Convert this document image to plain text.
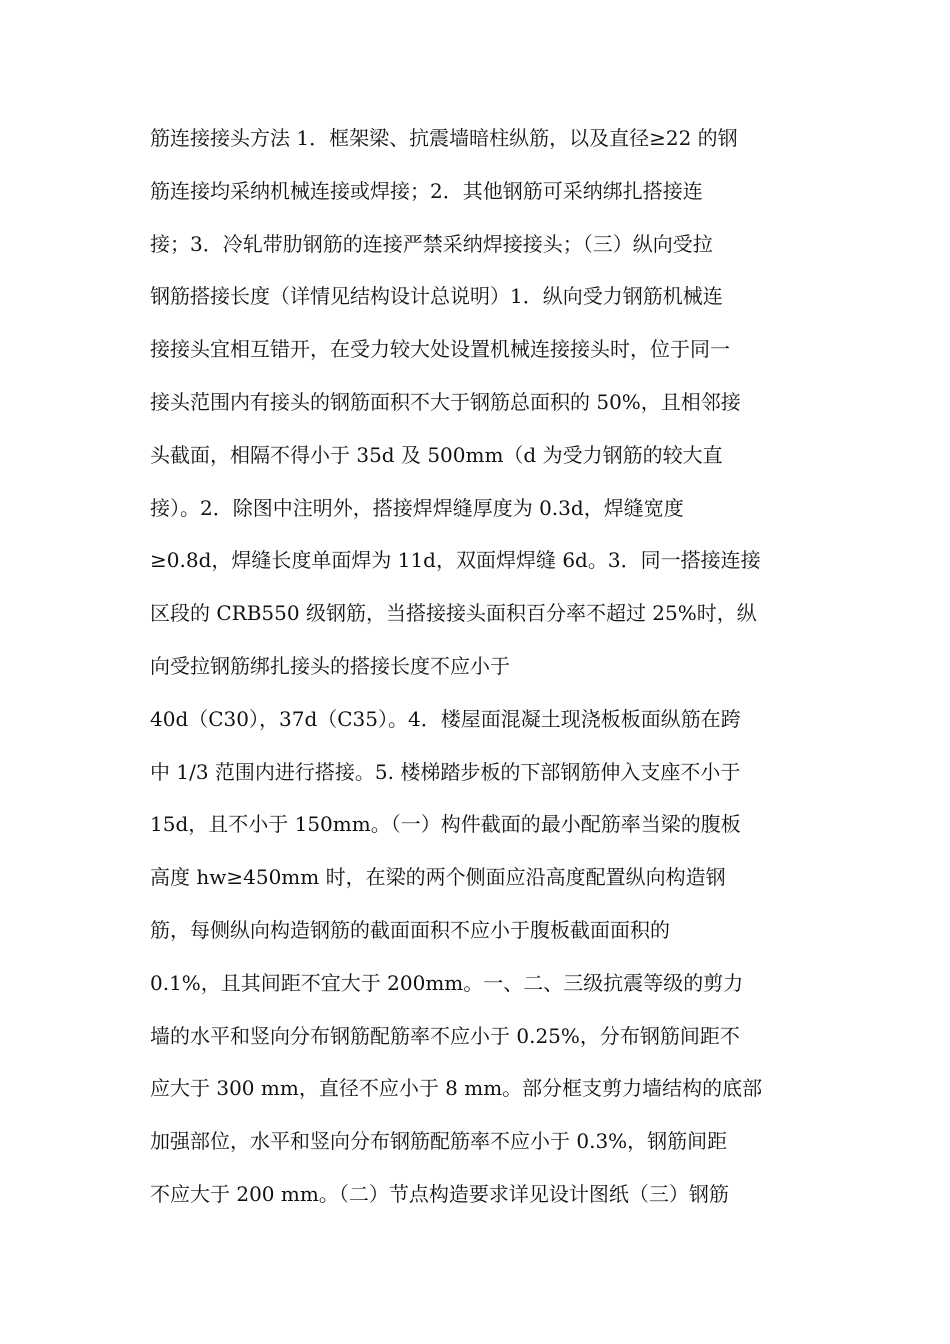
筋连接接头方法 1．框架梁、抗震墙暗柱纵筋，以及直径≥22 的钢
筋连接均采纳机械连接或焊接；2．其他钢筋可采纳绑扎搭接连
接；3．冷轧带肋钢筋的连接严禁采纳焊接接头；（三）纵向受拉
钢筋搭接长度（详情见结构设计总说明）1．纵向受力钢筋机械连
接接头宜相互错开，在受力较大处设置机械连接接头时，位于同一
接头范围内有接头的钢筋面积不大于钢筋总面积的 50%，且相邻接
头截面，相隔不得小于 35d 及 500mm（d 为受力钢筋的较大直
接）。2．除图中注明外，搭接焊焊缝厚度为 0.3d，焊缝宽度
≥0.8d，焊缝长度单面焊为 11d，双面焊焊缝 6d。3．同一搭接连接
区段的 CRB550 级钢筋，当搭接接头面积百分率不超过 25%时，纵
向受拉钢筋绑扎接头的搭接长度不应小于
40d（C30），37d（C35）。4．楼屋面混凝土现浇板板面纵筋在跨
中 1/3 范围内进行搭接。5. 楼梯踏步板的下部钢筋伸入支座不小于
15d，且不小于 150mm。（一）构件截面的最小配筋率当梁的腹板
高度 hw≥450mm 时，在梁的两个侧面应沿高度配置纵向构造钢
筋，每侧纵向构造钢筋的截面面积不应小于腹板截面面积的
0.1%，且其间距不宜大于 200mm。一、二、三级抗震等级的剪力
墙的水平和竖向分布钢筋配筋率不应小于 0.25%，分布钢筋间距不
应大于 300 mm，直径不应小于 8 mm。部分框支剪力墙结构的底部
加强部位，水平和竖向分布钢筋配筋率不应小于 0.3%，钢筋间距
不应大于 200 mm。（二）节点构造要求详见设计图纸（三）钢筋
